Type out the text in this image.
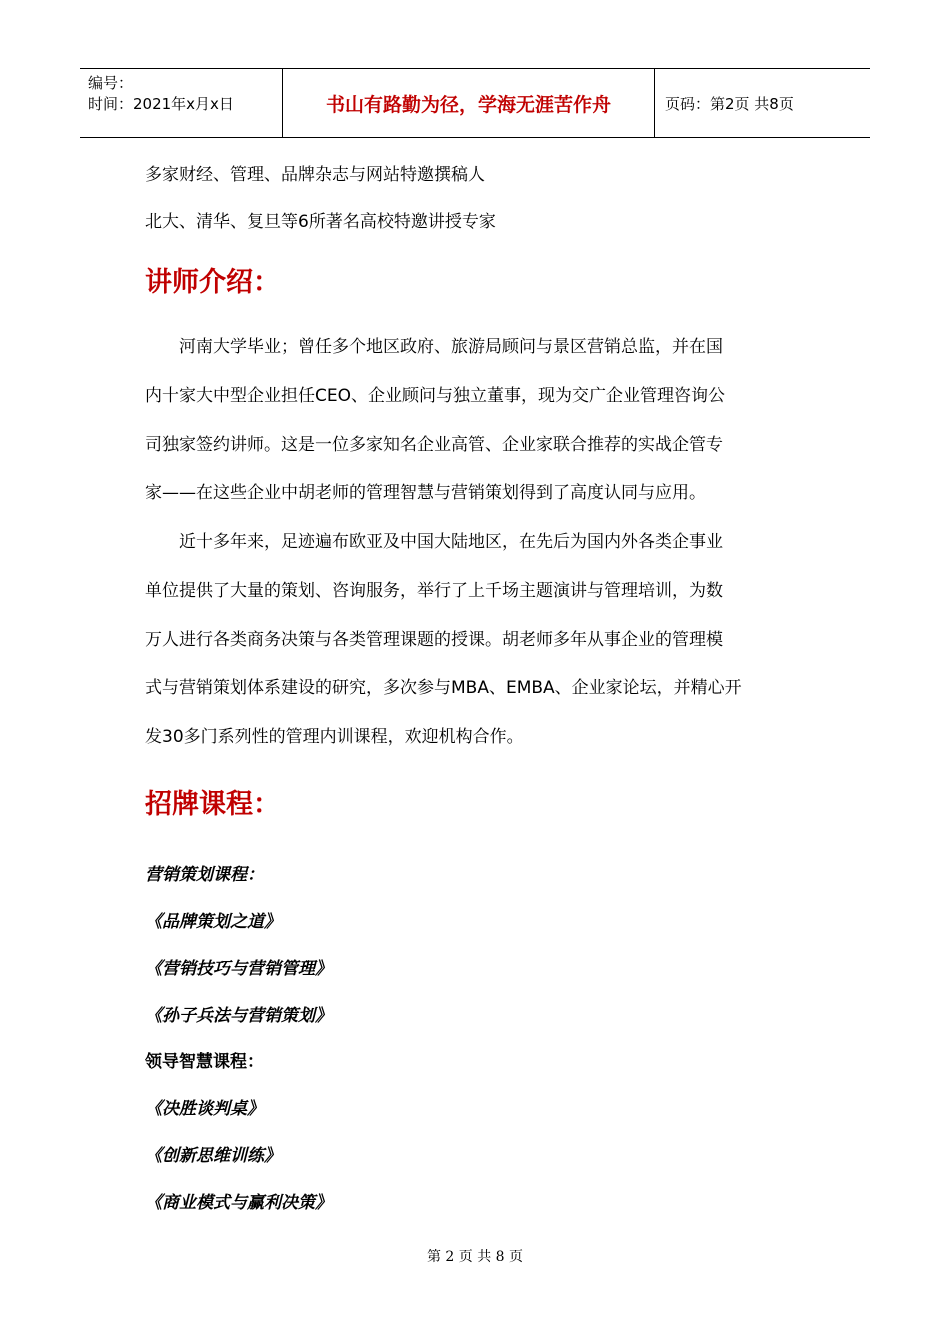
编号：
时间：2021年x月x日	书山有路勤为径，学海无涯苦作舟	页码：第2页 共8页
多家财经、管理、品牌杂志与网站特邀撰稿人
北大、清华、复旦等6所著名高校特邀讲授专家
讲师介绍：
　　河南大学毕业；曾任多个地区政府、旅游局顾问与景区营销总监，并在国
内十家大中型企业担任CEO、企业顾问与独立董事，现为交广企业管理咨询公
司独家签约讲师。这是一位多家知名企业高管、企业家联合推荐的实战企管专
家——在这些企业中胡老师的管理智慧与营销策划得到了高度认同与应用。
　　近十多年来，足迹遍布欧亚及中国大陆地区，在先后为国内外各类企事业
单位提供了大量的策划、咨询服务，举行了上千场主题演讲与管理培训，为数
万人进行各类商务决策与各类管理课题的授课。胡老师多年从事企业的管理模
式与营销策划体系建设的研究，多次参与MBA、EMBA、企业家论坛，并精心开
发30多门系列性的管理内训课程，欢迎机构合作。
招牌课程：
营销策划课程：
《品牌策划之道》
《营销技巧与营销管理》
《孙子兵法与营销策划》
领导智慧课程：
《决胜谈判桌》
《创新思维训练》
《商业模式与赢利决策》
第 2 页 共 8 页
